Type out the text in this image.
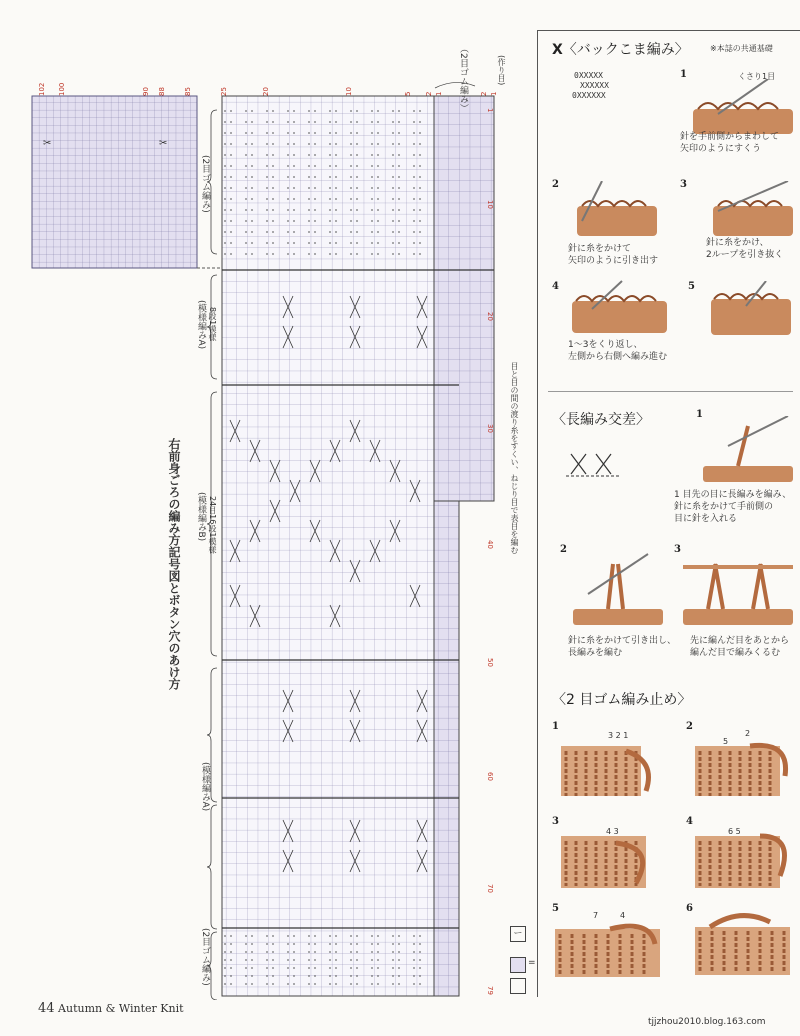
✂	✂
102 100	90 88	85	25	20	10	5 2 1	2 1
1
10
20
30
40
50
60
70
79
（2目ゴム編み）	(作り目)
(2目ゴム編み)
(模様編みA) 8段1模様
(模様編みB) 24目16段1模様
(模様編みA)
(2目ゴム編み)
右前身ごろの編み方記号図とボタン穴のあけ方	目と目の間の渡り糸をすくい、ねじり目で表目を編む
ー
=
X〈バックこま編み〉	※本誌の共通基礎
0XXXXX
XXXXXX
0XXXXXX
1	くさり1目
針を手前側からまわして
矢印のようにすくう
2
針に糸をかけて
矢印のように引き出す
3
針に糸をかけ、
2ループを引き抜く
4
1～3をくり返し、
左側から右側へ編み進む
5
〈長編み交差〉	1
1 目先の目に長編みを編み、
針に糸をかけて手前側の
目に針を入れる
2
針に糸をかけて引き出し、
長編みを編む
3
先に編んだ目をあとから
編んだ目で編みくるむ
〈2 目ゴム編み止め〉
1
3 2 1
2
5
2
3
4 3
4
6 5
5
7	4
6
44 Autumn & Winter Knit
tjjzhou2010.blog.163.com
